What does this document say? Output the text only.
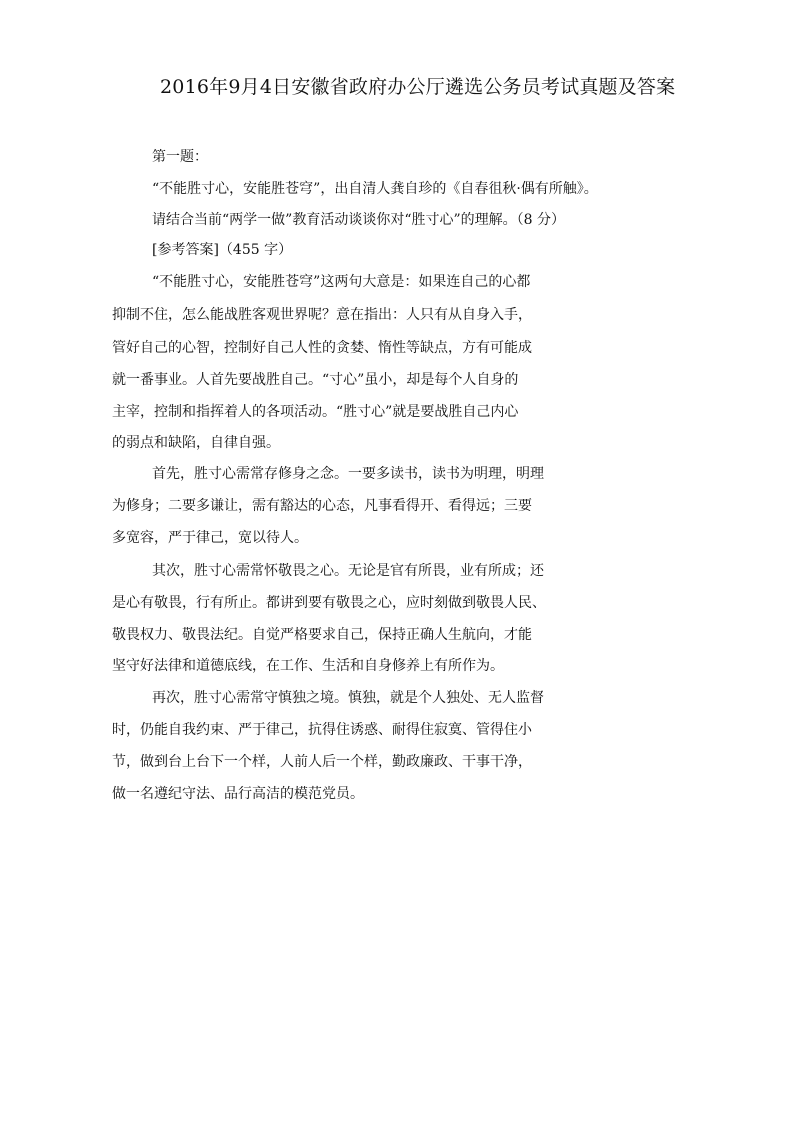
2016年9月4日安徽省政府办公厅遴选公务员考试真题及答案
第一题：
“不能胜寸心，安能胜苍穹”，出自清人龚自珍的《自春徂秋·偶有所触》。
请结合当前“两学一做”教育活动谈谈你对“胜寸心”的理解。（8 分）
[参考答案]（455 字）
“不能胜寸心，安能胜苍穹”这两句大意是：如果连自己的心都
抑制不住，怎么能战胜客观世界呢？意在指出：人只有从自身入手，
管好自己的心智，控制好自己人性的贪婪、惰性等缺点，方有可能成
就一番事业。人首先要战胜自己。“寸心”虽小，却是每个人自身的
主宰，控制和指挥着人的各项活动。“胜寸心”就是要战胜自己内心
的弱点和缺陷，自律自强。
首先，胜寸心需常存修身之念。一要多读书，读书为明理，明理
为修身；二要多谦让，需有豁达的心态，凡事看得开、看得远；三要
多宽容，严于律己，宽以待人。
其次，胜寸心需常怀敬畏之心。无论是官有所畏，业有所成；还
是心有敬畏，行有所止。都讲到要有敬畏之心，应时刻做到敬畏人民、
敬畏权力、敬畏法纪。自觉严格要求自己，保持正确人生航向，才能
坚守好法律和道德底线，在工作、生活和自身修养上有所作为。
再次，胜寸心需常守慎独之境。慎独，就是个人独处、无人监督
时，仍能自我约束、严于律己，抗得住诱惑、耐得住寂寞、管得住小
节，做到台上台下一个样，人前人后一个样，勤政廉政、干事干净，
做一名遵纪守法、品行高洁的模范党员。
